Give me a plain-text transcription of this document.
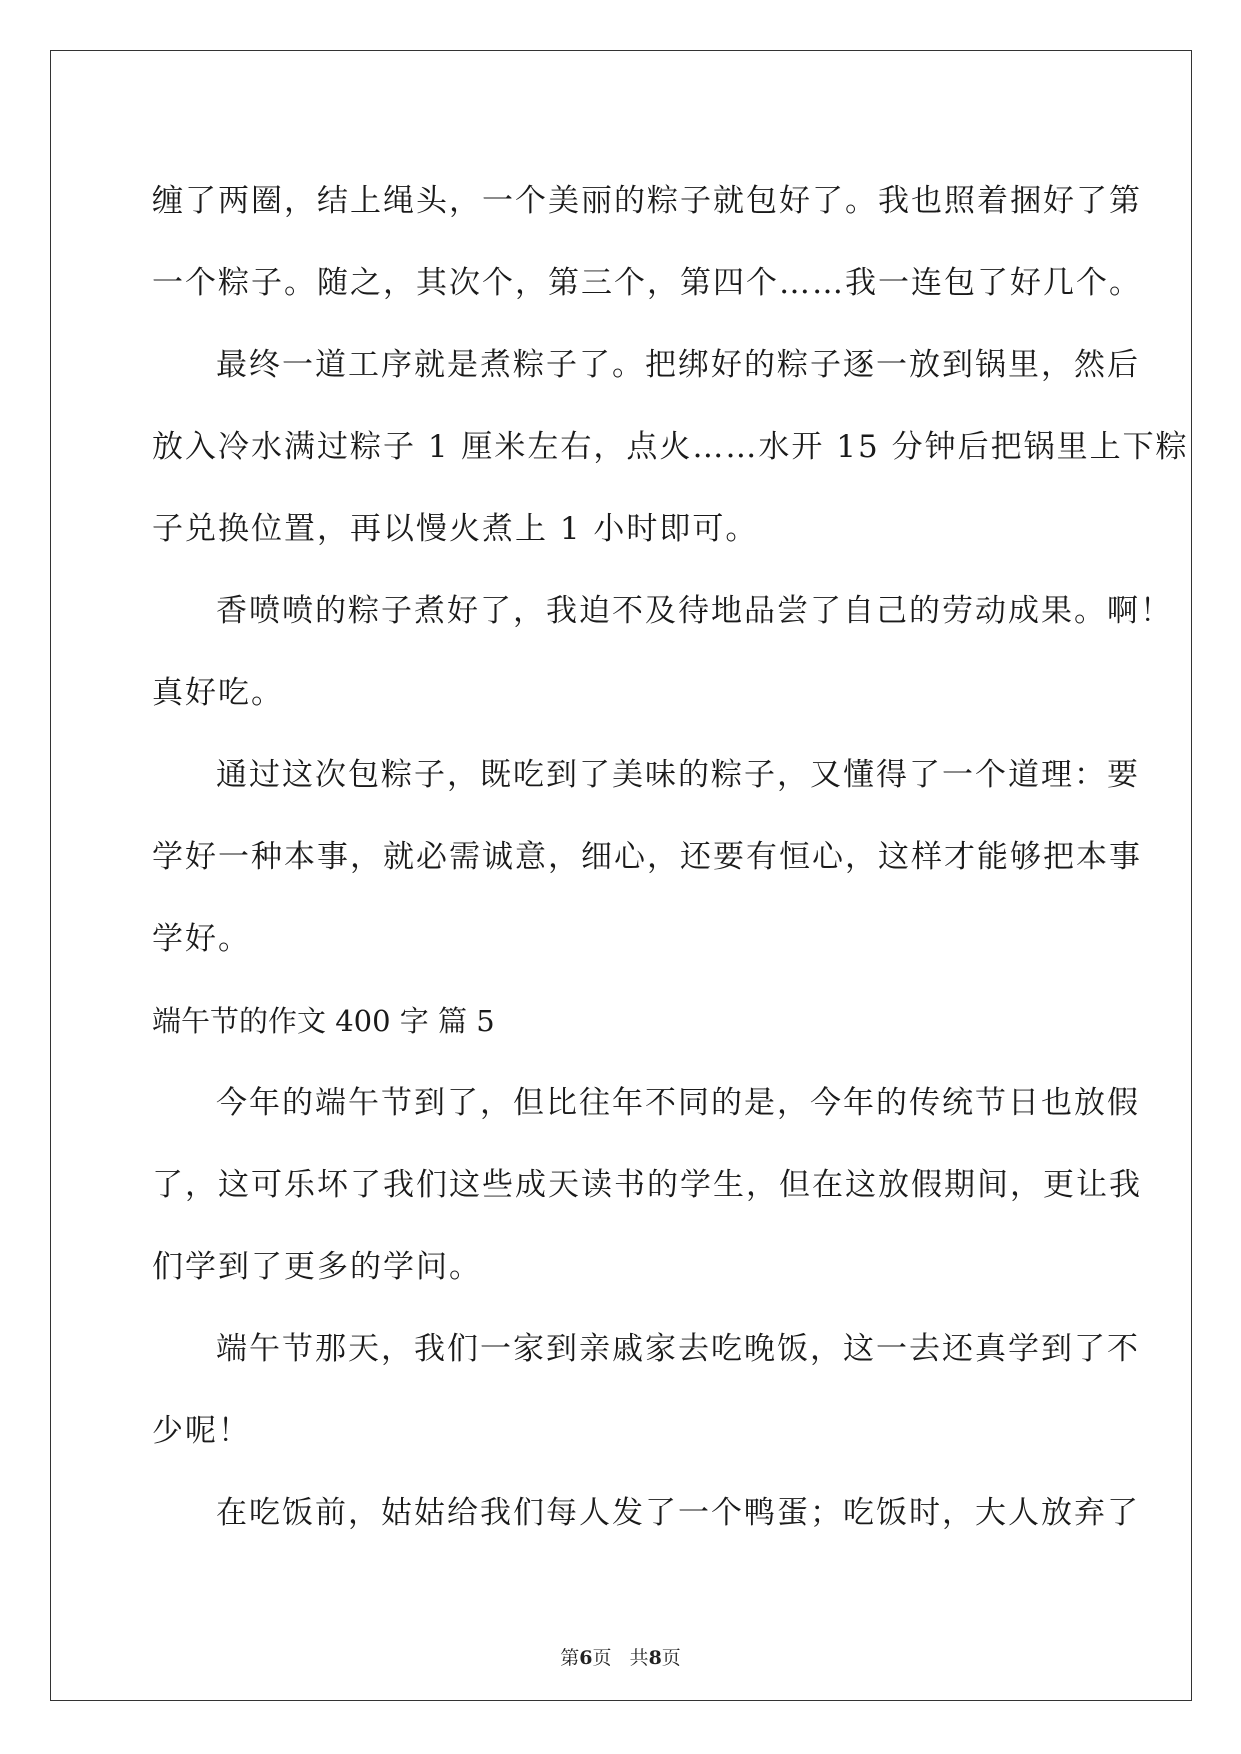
缠了两圈，结上绳头，一个美丽的粽子就包好了。我也照着捆好了第
一个粽子。随之，其次个，第三个，第四个……我一连包了好几个。
最终一道工序就是煮粽子了。把绑好的粽子逐一放到锅里，然后
放入冷水满过粽子 1 厘米左右，点火……水开 15 分钟后把锅里上下粽
子兑换位置，再以慢火煮上 1 小时即可。
香喷喷的粽子煮好了，我迫不及待地品尝了自己的劳动成果。啊！
真好吃。
通过这次包粽子，既吃到了美味的粽子，又懂得了一个道理：要
学好一种本事，就必需诚意，细心，还要有恒心，这样才能够把本事
学好。
端午节的作文 400 字 篇 5
今年的端午节到了，但比往年不同的是，今年的传统节日也放假
了，这可乐坏了我们这些成天读书的学生，但在这放假期间，更让我
们学到了更多的学问。
端午节那天，我们一家到亲戚家去吃晚饭，这一去还真学到了不
少呢！
在吃饭前，姑姑给我们每人发了一个鸭蛋；吃饭时，大人放弃了
第6页   共8页
